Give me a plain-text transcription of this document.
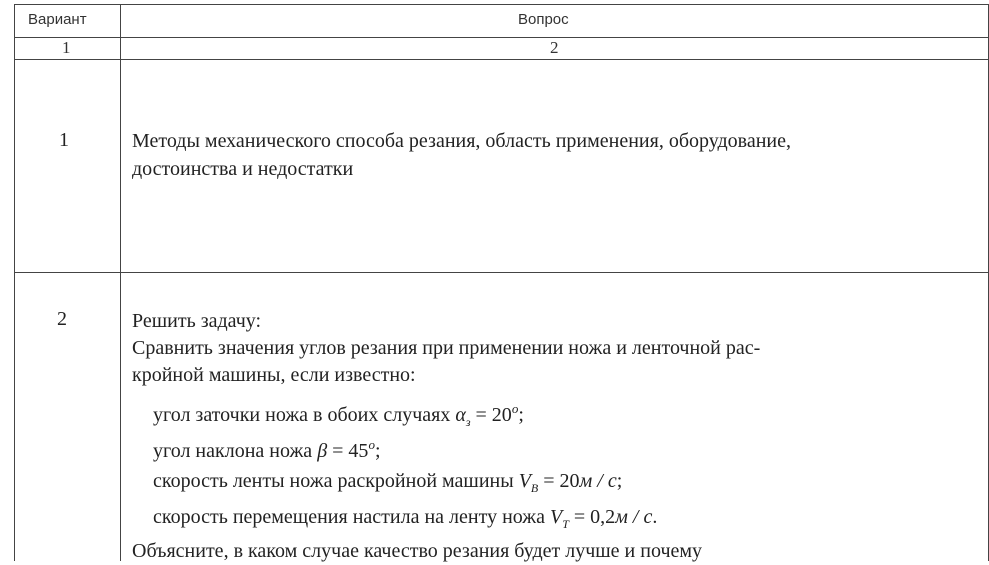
Вариант	Вопрос
1	2
1	Методы механического способа резания, область применения, оборудование,
достоинства и недостатки
2	Решить задачу:
Сравнить значения углов резания при применении ножа и ленточной рас-
кройной машины, если известно:
угол заточки ножа в обоих случаях $\alpha_з = 20^o$;
угол наклона ножа $\beta = 45^o$;
скорость ленты ножа раскройной машины $V_В = 20м / с$;
скорость перемещения настила на ленту ножа $V_Т = 0,2м / с$.
Объясните, в каком случае качество резания будет лучше и почему
